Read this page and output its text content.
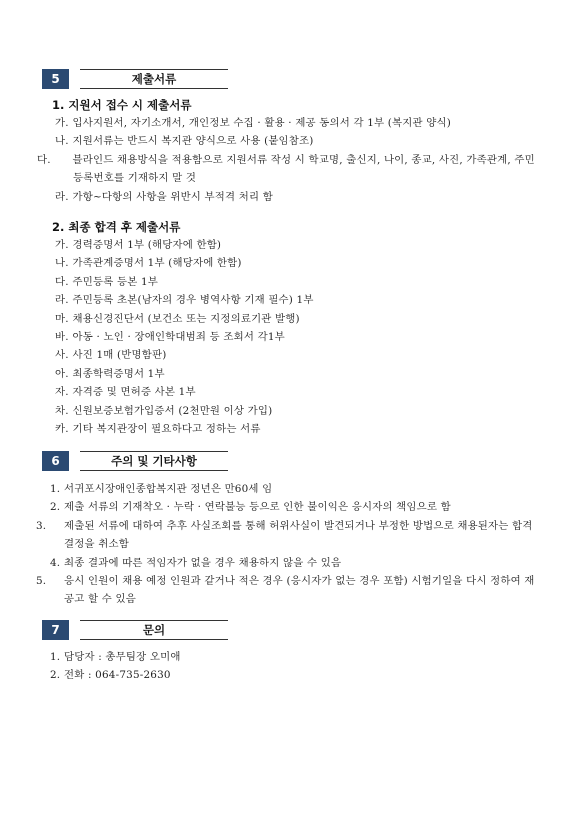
5	제출서류
1. 지원서 접수 시 제출서류
가. 입사지원서, 자기소개서, 개인정보 수집 · 활용 · 제공 동의서 각 1부 (복지관 양식)
나. 지원서류는 반드시 복지관 양식으로 사용 (붙임참조)
다. 블라인드 채용방식을 적용함으로 지원서류 작성 시 학교명, 출신지, 나이, 종교, 사진, 가족관계, 주민등록번호를 기재하지 말 것
라. 가항~다항의 사항을 위반시 부적격 처리 함
2. 최종 합격 후 제출서류
가. 경력증명서 1부 (해당자에 한함)
나. 가족관계증명서 1부 (해당자에 한함)
다. 주민등록 등본 1부
라. 주민등록 초본(남자의 경우 병역사항 기재 필수) 1부
마. 채용신경진단서 (보건소 또는 지정의료기관 발행)
바. 아동 · 노인 · 장애인학대범죄 등 조회서 각1부
사. 사진 1매 (반명함판)
아. 최종학력증명서 1부
자. 자격증 및 면허증 사본 1부
차. 신원보증보험가입증서 (2천만원 이상 가입)
카. 기타 복지관장이 필요하다고 정하는 서류
6	주의 및 기타사항
1. 서귀포시장애인종합복지관 정년은 만60세 임
2. 제출 서류의 기재착오 · 누락 · 연락불능 등으로 인한 불이익은 응시자의 책임으로 함
3. 제출된 서류에 대하여 추후 사실조회를 통해 허위사실이 발견되거나 부정한 방법으로 채용된자는 합격 결정을 취소함
4. 최종 결과에 따른 적임자가 없을 경우 채용하지 않을 수 있음
5. 응시 인원이 채용 예정 인원과 같거나 적은 경우 (응시자가 없는 경우 포함) 시험기일을 다시 정하여 재공고 할 수 있음
7	문의
1. 담당자 : 총무팀장 오미애
2. 전화 : 064-735-2630
